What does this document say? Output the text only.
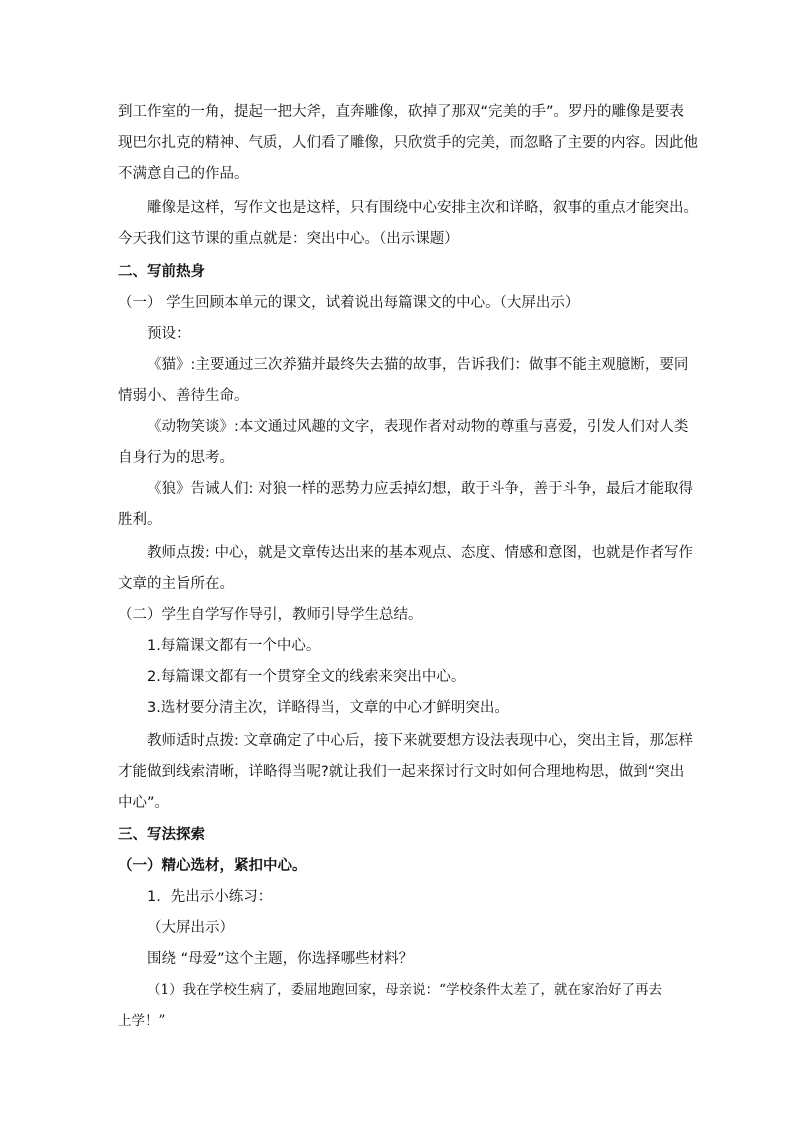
到工作室的一角，提起一把大斧，直奔雕像，砍掉了那双“完美的手”。罗丹的雕像是要表

现巴尔扎克的精神、气质，人们看了雕像，只欣赏手的完美，而忽略了主要的内容。因此他

不满意自己的作品。

雕像是这样，写作文也是这样，只有围绕中心安排主次和详略，叙事的重点才能突出。

今天我们这节课的重点就是：突出中心。（出示课题）

二、写前热身

（一） 学生回顾本单元的课文，试着说出每篇课文的中心。（大屏出示）

预设：

《猫》:主要通过三次养猫并最终失去猫的故事，告诉我们：做事不能主观臆断，要同

情弱小、善待生命。

《动物笑谈》:本文通过风趣的文字，表现作者对动物的尊重与喜爱，引发人们对人类

自身行为的思考。

《狼》告诫人们: 对狼一样的恶势力应丢掉幻想，敢于斗争，善于斗争，最后才能取得

胜利。

教师点拨: 中心，就是文章传达出来的基本观点、态度、情感和意图，也就是作者写作

文章的主旨所在。

（二）学生自学写作导引，教师引导学生总结。

1.每篇课文都有一个中心。

2.每篇课文都有一个贯穿全文的线索来突出中心。

3.选材要分清主次，详略得当，文章的中心才鲜明突出。

教师适时点拨: 文章确定了中心后，接下来就要想方设法表现中心，突出主旨，那怎样

才能做到线索清晰，详略得当呢?就让我们一起来探讨行文时如何合理地构思，做到“突出

中心”。

三、写法探索

（一）精心选材，紧扣中心。

1．先出示小练习：

（大屏出示）

围绕 “母爱”这个主题，你选择哪些材料？

（1）我在学校生病了，委屈地跑回家，母亲说：“学校条件太差了，就在家治好了再去

上学！”
